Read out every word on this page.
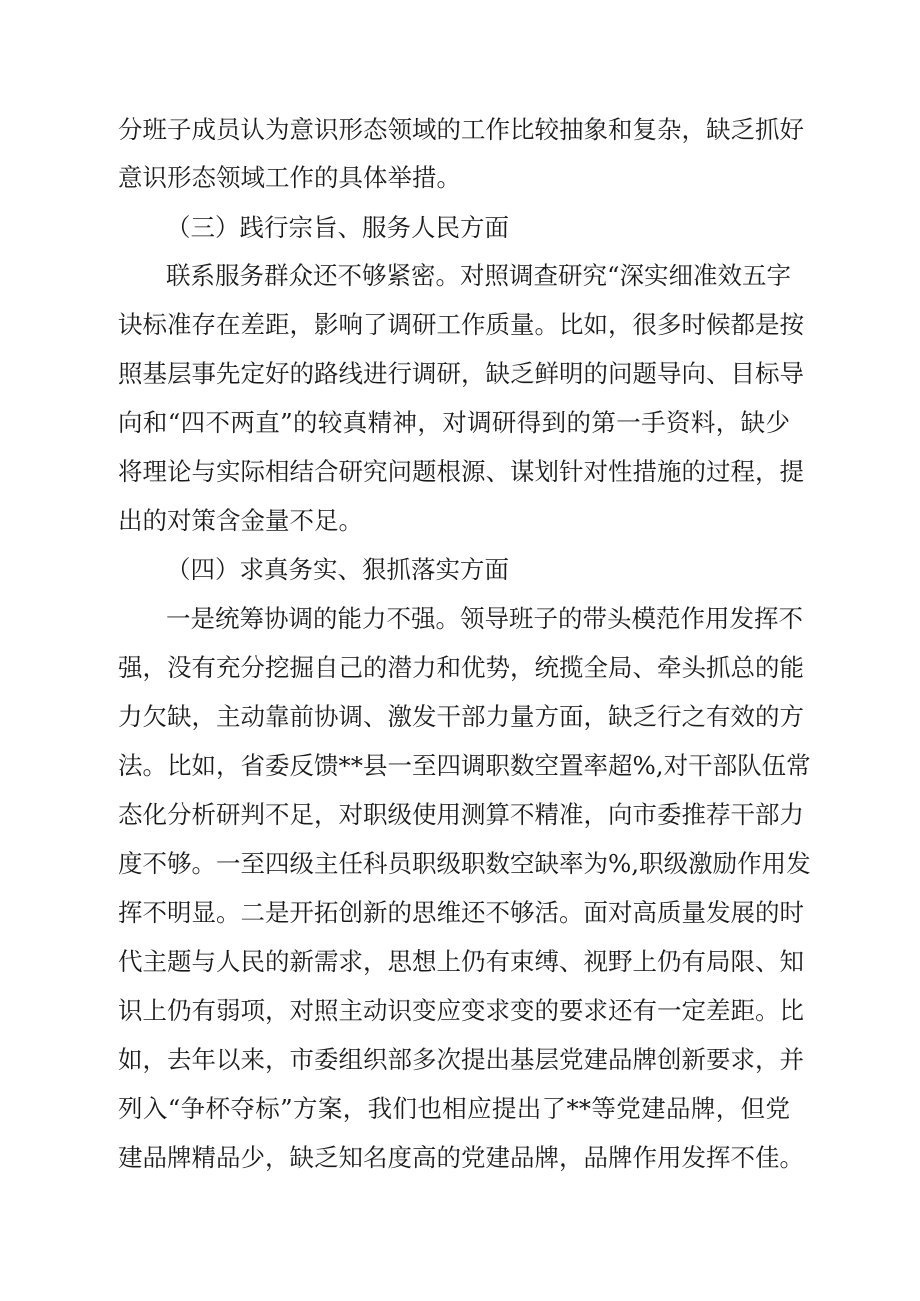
分班子成员认为意识形态领域的工作比较抽象和复杂，缺乏抓好
意识形态领域工作的具体举措。
（三）践行宗旨、服务人民方面
联系服务群众还不够紧密。对照调查研究“深实细准效五字
诀标准存在差距，影响了调研工作质量。比如，很多时候都是按
照基层事先定好的路线进行调研，缺乏鲜明的问题导向、目标导
向和“四不两直”的较真精神，对调研得到的第一手资料，缺少
将理论与实际相结合研究问题根源、谋划针对性措施的过程，提
出的对策含金量不足。
（四）求真务实、狠抓落实方面
一是统筹协调的能力不强。领导班子的带头模范作用发挥不
强，没有充分挖掘自己的潜力和优势，统揽全局、牵头抓总的能
力欠缺，主动靠前协调、激发干部力量方面，缺乏行之有效的方
法。比如，省委反馈**县一至四调职数空置率超%,对干部队伍常
态化分析研判不足，对职级使用测算不精准，向市委推荐干部力
度不够。一至四级主任科员职级职数空缺率为%,职级激励作用发
挥不明显。二是开拓创新的思维还不够活。面对高质量发展的时
代主题与人民的新需求，思想上仍有束缚、视野上仍有局限、知
识上仍有弱项，对照主动识变应变求变的要求还有一定差距。比
如，去年以来，市委组织部多次提出基层党建品牌创新要求，并
列入“争杯夺标”方案，我们也相应提出了**等党建品牌，但党
建品牌精品少，缺乏知名度高的党建品牌，品牌作用发挥不佳。
